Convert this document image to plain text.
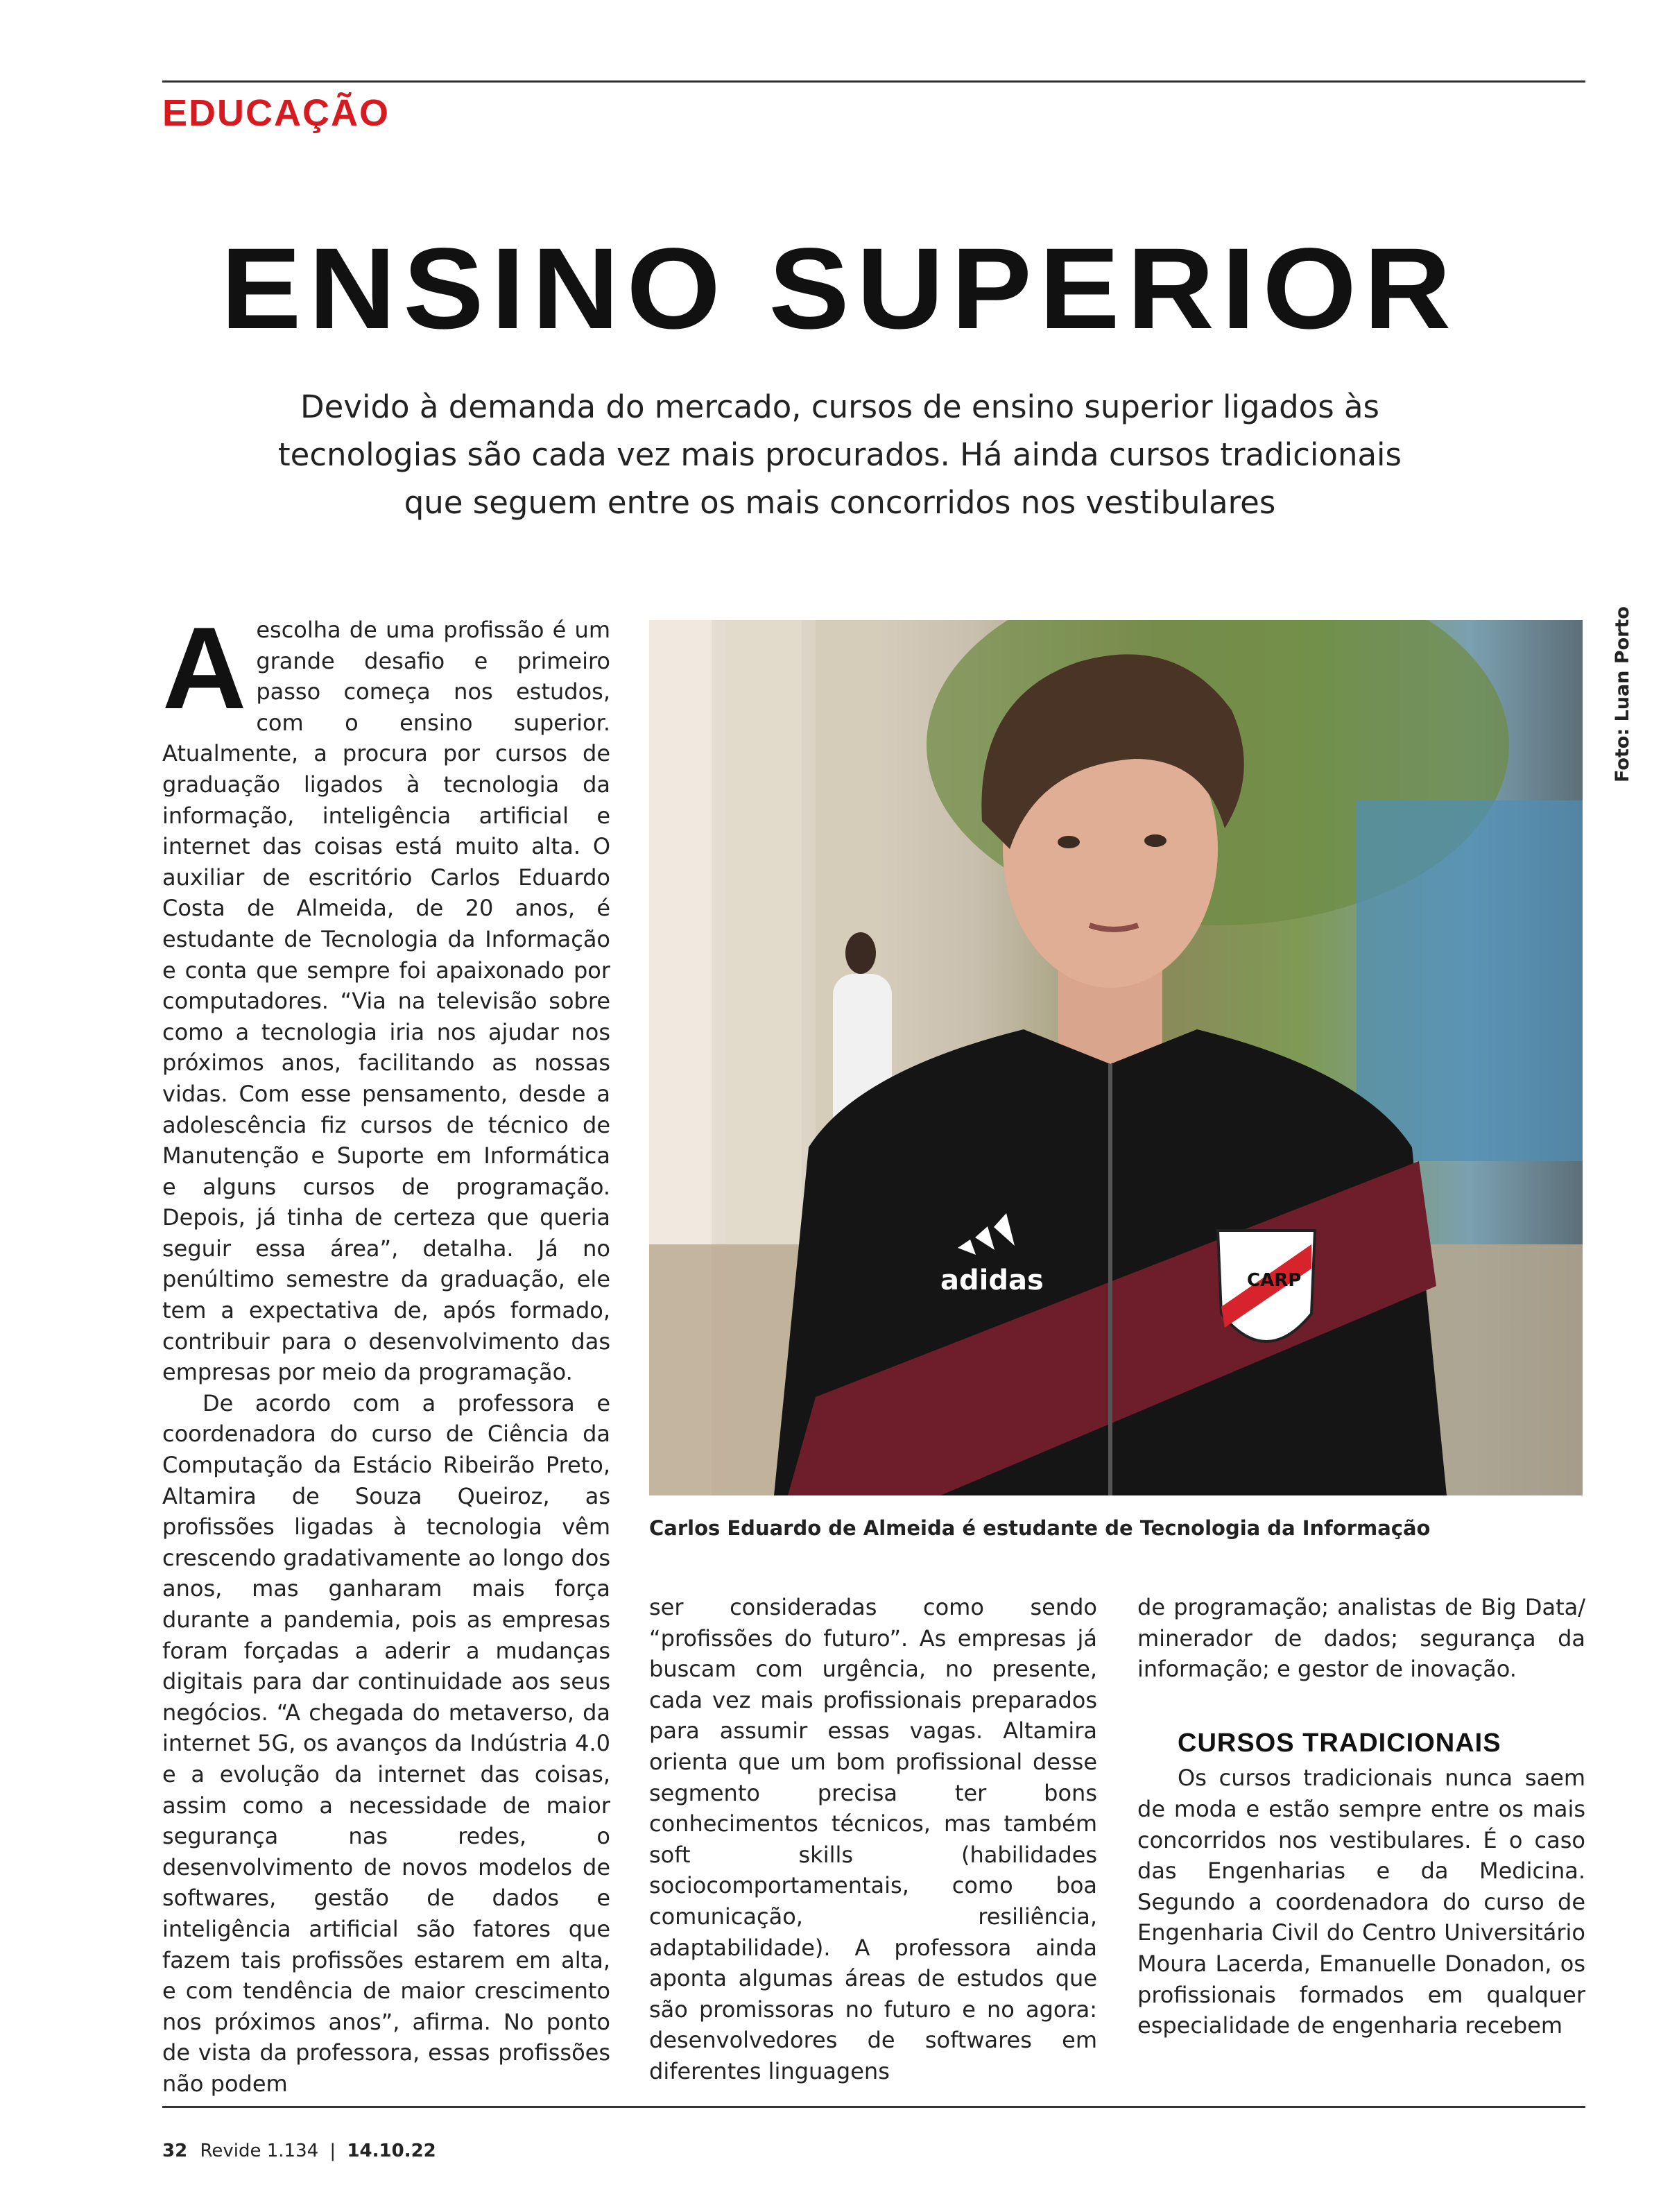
EDUCAÇÃO
ENSINO SUPERIOR
Devido à demanda do mercado, cursos de ensino superior ligados às tecnologias são cada vez mais procurados. Há ainda cursos tradicionais que seguem entre os mais concorridos nos vestibulares

Aescolha de uma profissão é um grande desafio e primeiro passo começa nos estudos, com o ensino superior. Atualmente, a procura por cursos de graduação ligados à tecnologia da informação, inteligência artificial e internet das coisas está muito alta. O auxiliar de escritório Carlos Eduardo Costa de Almeida, de 20 anos, é estudante de Tecnologia da Informação e conta que sempre foi apaixonado por computadores. “Via na televisão sobre como a tecnologia iria nos ajudar nos próximos anos, facilitando as nossas vidas. Com esse pensamento, desde a adolescência fiz cursos de técnico de Manutenção e Suporte em Informática e alguns cursos de programação. Depois, já tinha de certeza que queria seguir essa área”, detalha. Já no penúltimo semestre da graduação, ele tem a expectativa de, após formado, contribuir para o desenvolvimento das empresas por meio da programação.

De acordo com a professora e coordenadora do curso de Ciência da Computação da Estácio Ribeirão Preto, Altamira de Souza Queiroz, as profissões ligadas à tecnologia vêm crescendo gradativamente ao longo dos anos, mas ganharam mais força durante a pandemia, pois as empresas foram forçadas a aderir a mudanças digitais para dar continuidade aos seus negócios. “A chegada do metaverso, da internet 5G, os avanços da Indústria 4.0 e a evolução da internet das coisas, assim como a necessidade de maior segurança nas redes, o desenvolvimento de novos modelos de softwares, gestão de dados e inteligência artificial são fatores que fazem tais profissões estarem em alta, e com tendência de maior crescimento nos próximos anos”, afirma. No ponto de vista da professora, essas profissões não podem

adidas	CARP
Foto: Luan Porto
Carlos Eduardo de Almeida é estudante de Tecnologia da Informação

ser consideradas como sendo “profissões do futuro”. As empresas já buscam com urgência, no presente, cada vez mais profissionais preparados para assumir essas vagas. Altamira orienta que um bom profissional desse segmento precisa ter bons conhecimentos técnicos, mas também soft skills (habilidades sociocomportamentais, como boa comunicação, resiliência, adaptabilidade). A professora ainda aponta algumas áreas de estudos que são promissoras no futuro e no agora: desenvolvedores de softwares em diferentes linguagens

de programação; analistas de Big Data/ minerador de dados; segurança da informação; e gestor de inovação.

CURSOS TRADICIONAIS

Os cursos tradicionais nunca saem de moda e estão sempre entre os mais concorridos nos vestibulares. É o caso das Engenharias e da Medicina. Segundo a coordenadora do curso de Engenharia Civil do Centro Universitário Moura Lacerda, Emanuelle Donadon, os profissionais formados em qualquer especialidade de engenharia recebem

32 Revide 1.134 | 14.10.22
